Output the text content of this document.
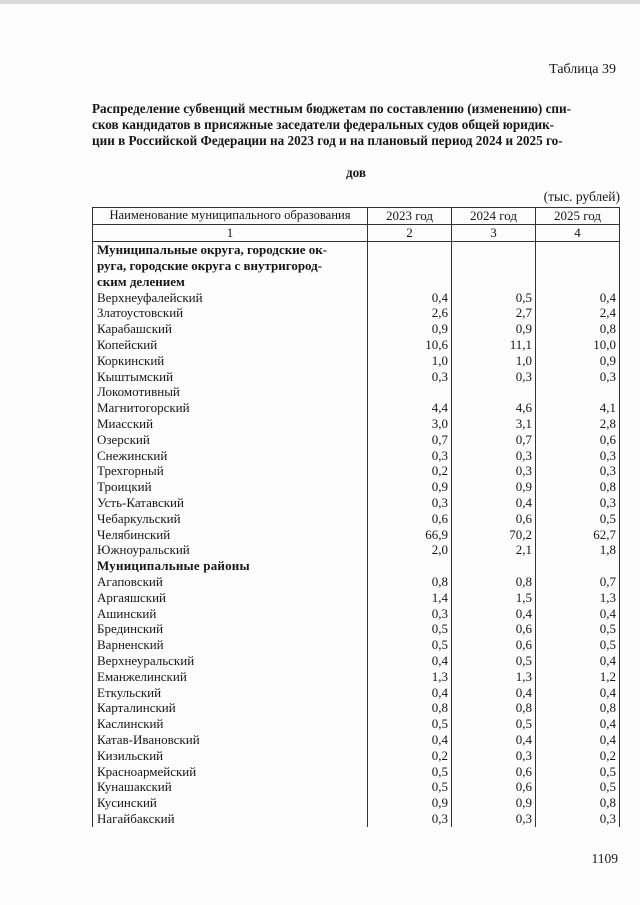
Таблица 39
Распределение субвенций местным бюджетам по составлению (изменению) спи-
сков кандидатов в присяжные заседатели федеральных судов общей юридик-
ции в Российской Федерации на 2023 год и на плановый период 2024 и 2025 го-
дов
(тыс. рублей)
Наименование муниципального образования	2023 год	2024 год	2025 год
1	2	3	4

Муниципальные округа, городские ок-
руга, городские округа с внутригород-
ским делением			

Верхнеуфалейский	0,4	0,5	0,4
Златоустовский	2,6	2,7	2,4
Карабашский	0,9	0,9	0,8
Копейский	10,6	11,1	10,0
Коркинский	1,0	1,0	0,9
Кыштымский	0,3	0,3	0,3
Локомотивный			
Магнитогорский	4,4	4,6	4,1
Миасский	3,0	3,1	2,8
Озерский	0,7	0,7	0,6
Снежинский	0,3	0,3	0,3
Трехгорный	0,2	0,3	0,3
Троицкий	0,9	0,9	0,8
Усть-Катавский	0,3	0,4	0,3
Чебаркульский	0,6	0,6	0,5
Челябинский	66,9	70,2	62,7
Южноуральский	2,0	2,1	1,8
Муниципальные районы			
Агаповский	0,8	0,8	0,7
Аргаяшский	1,4	1,5	1,3
Ашинский	0,3	0,4	0,4
Брединский	0,5	0,6	0,5
Варненский	0,5	0,6	0,5
Верхнеуральский	0,4	0,5	0,4
Еманжелинский	1,3	1,3	1,2
Еткульский	0,4	0,4	0,4
Карталинский	0,8	0,8	0,8
Каслинский	0,5	0,5	0,4
Катав-Ивановский	0,4	0,4	0,4
Кизильский	0,2	0,3	0,2
Красноармейский	0,5	0,6	0,5
Кунашакский	0,5	0,6	0,5
Кусинский	0,9	0,9	0,8
Нагайбакский	0,3	0,3	0,3
1109
